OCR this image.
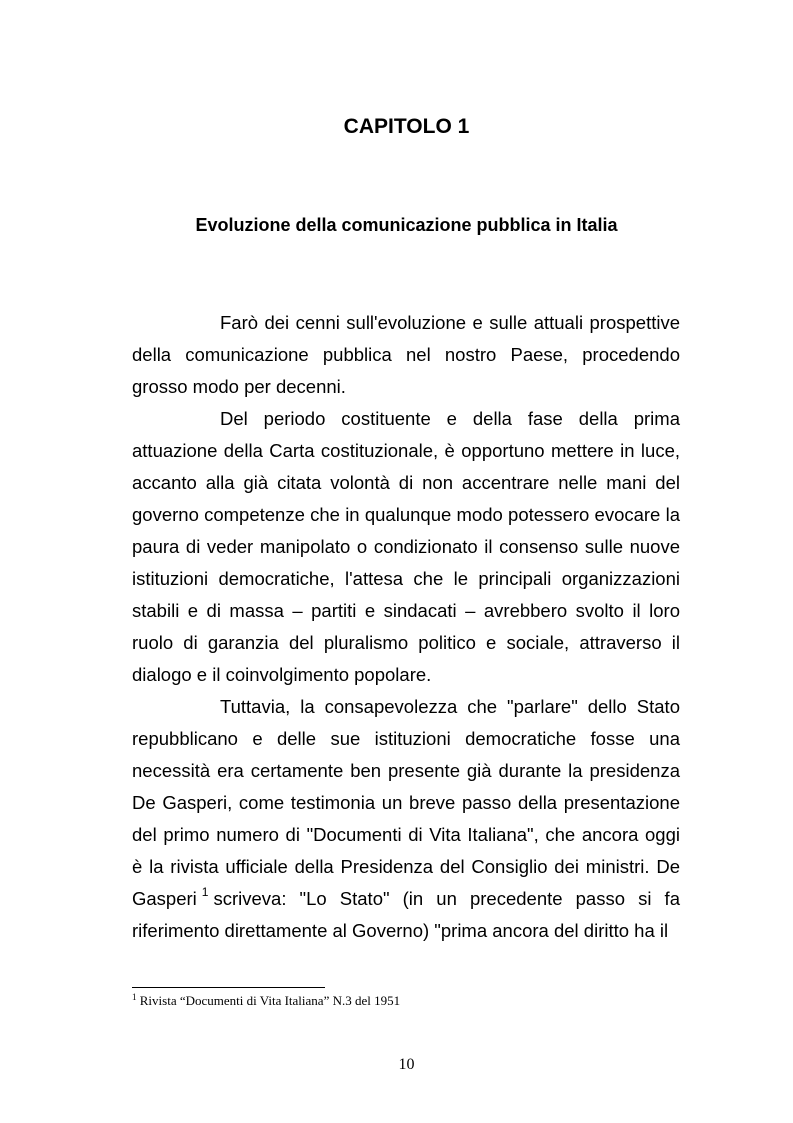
CAPITOLO 1
Evoluzione della comunicazione pubblica in Italia

Farò dei cenni sull'evoluzione e sulle attuali prospettive della comunicazione pubblica nel nostro Paese, procedendo grosso modo per decenni.

Del periodo costituente e della fase della prima attuazione della Carta costituzionale, è opportuno mettere in luce, accanto alla già citata volontà di non accentrare nelle mani del governo competenze che in qualunque modo potessero evocare la paura di veder manipolato o condizionato il consenso sulle nuove istituzioni democratiche, l'attesa che le principali organizzazioni stabili e di massa – partiti e sindacati – avrebbero svolto il loro ruolo di garanzia del pluralismo politico e sociale, attraverso il dialogo e il coinvolgimento popolare.

Tuttavia, la consapevolezza che "parlare" dello Stato repubblicano e delle sue istituzioni democratiche fosse una necessità era certamente ben presente già durante la presidenza De Gasperi, come testimonia un breve passo della presentazione del primo numero di "Documenti di Vita Italiana", che ancora oggi è la rivista ufficiale della Presidenza del Consiglio dei ministri. De Gasperi $^1$ scriveva: "Lo Stato" (in un precedente passo si fa riferimento direttamente al Governo) "prima ancora del diritto ha il

$^1$ Rivista “Documenti di Vita Italiana” N.3 del 1951

10
